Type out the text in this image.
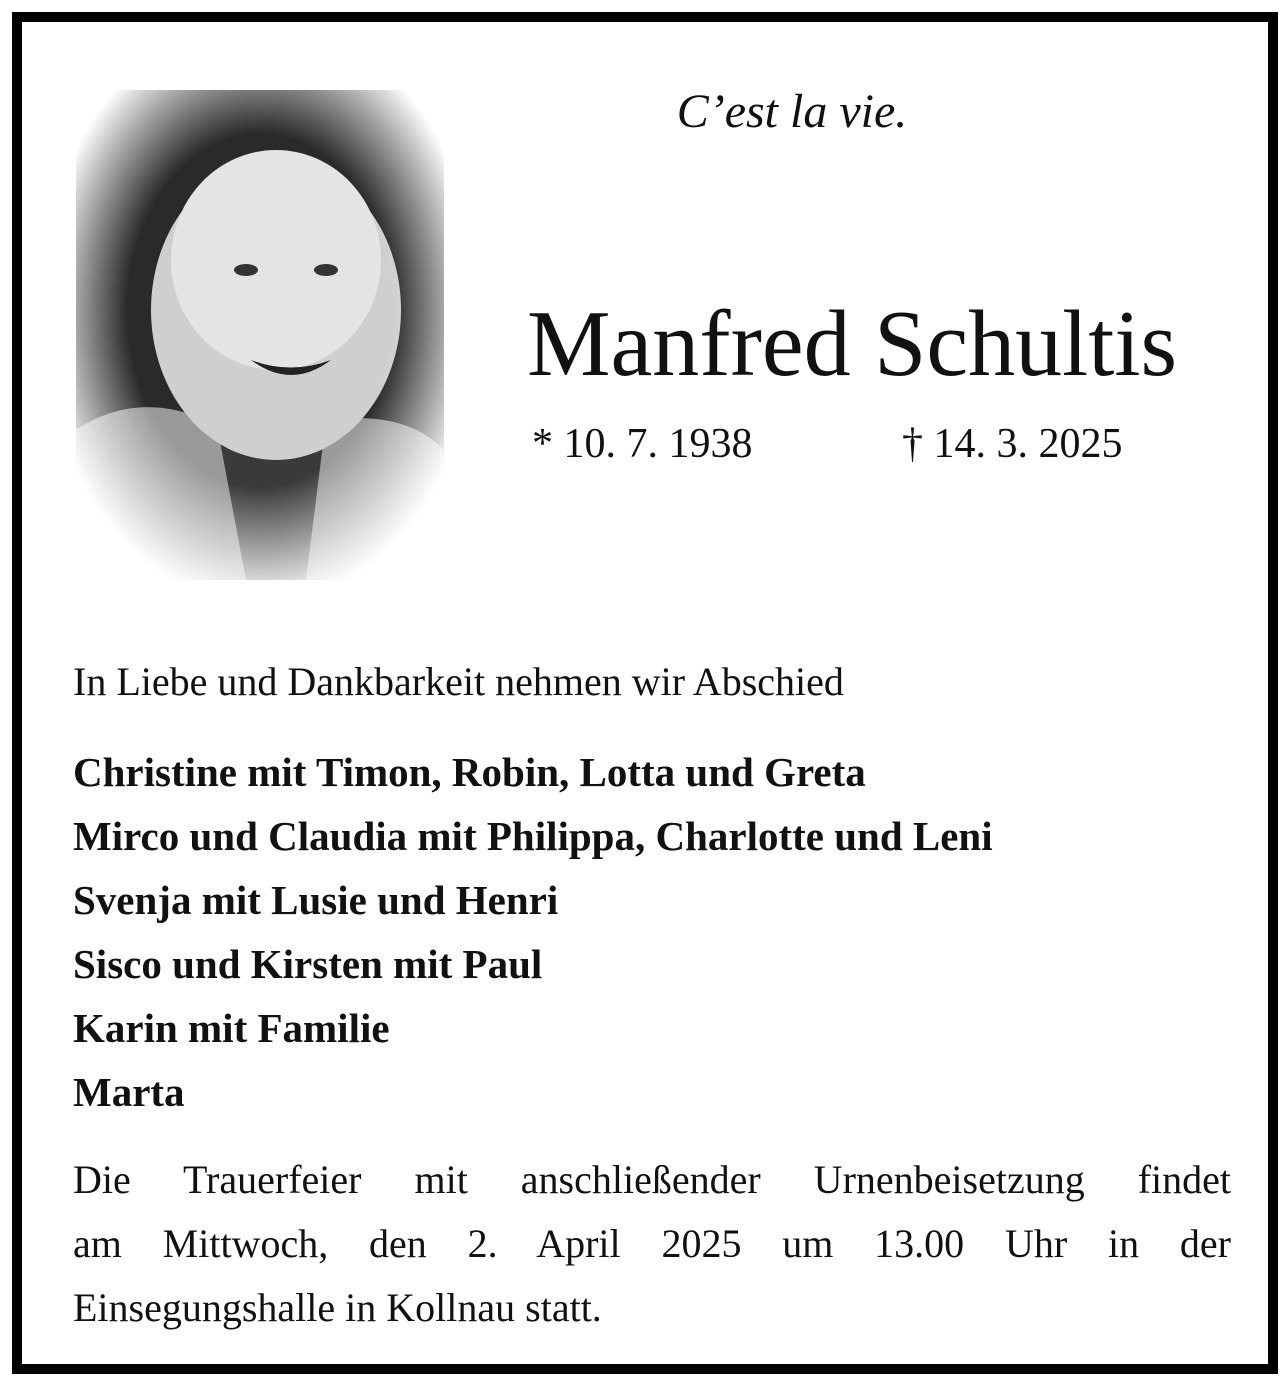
C’est la vie.
Manfred Schultis
* 10. 7. 1938	† 14. 3. 2025
In Liebe und Dankbarkeit nehmen wir Abschied
Christine mit Timon, Robin, Lotta und Greta
Mirco und Claudia mit Philippa, Charlotte und Leni
Svenja mit Lusie und Henri
Sisco und Kirsten mit Paul
Karin mit Familie
Marta
Die Trauerfeier mit anschließender Urnenbeisetzung findet
am Mittwoch, den 2. April 2025 um 13.00 Uhr in der
Einsegungshalle in Kollnau statt.
